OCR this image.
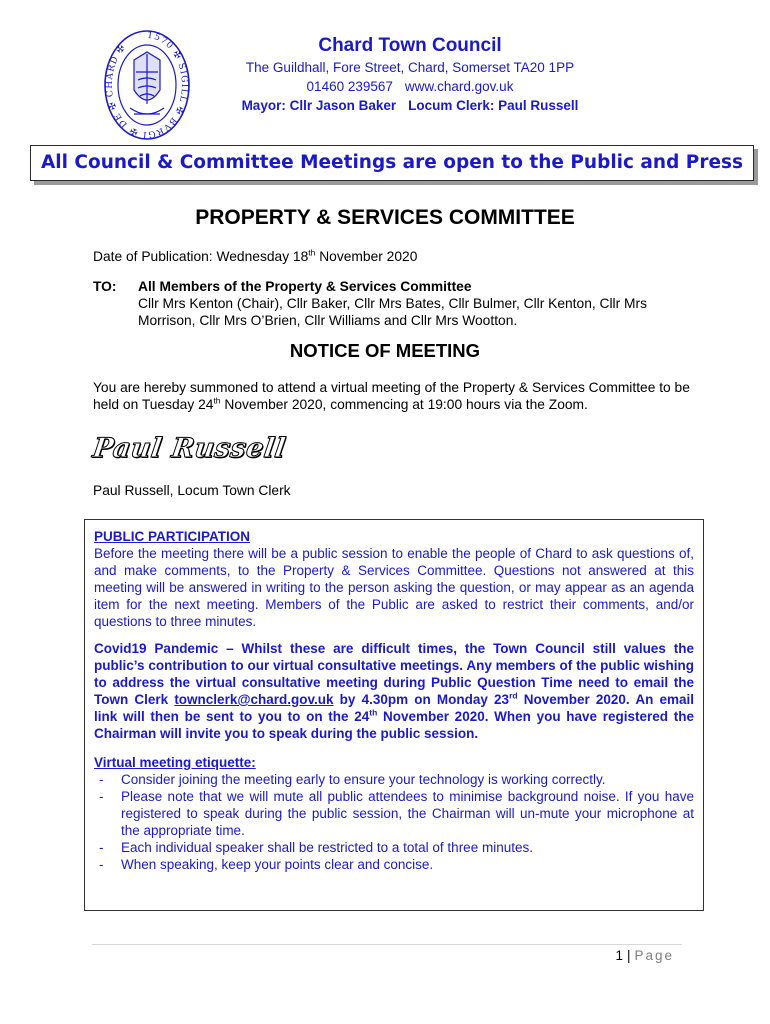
1570 ✠ SIGILL ✠ BVRGI ✠ DE ✠ CHARD ✠	Chard Town Council
The Guildhall, Fore Street, Chard, Somerset TA20 1PP
01460 239567 www.chard.gov.uk
Mayor: Cllr Jason Baker Locum Clerk: Paul Russell
All Council & Committee Meetings are open to the Public and Press
PROPERTY & SERVICES COMMITTEE
Date of Publication: Wednesday 18th November 2020
TO: All Members of the Property & Services Committee
Cllr Mrs Kenton (Chair), Cllr Baker, Cllr Mrs Bates, Cllr Bulmer, Cllr Kenton, Cllr Mrs Morrison, Cllr Mrs O’Brien, Cllr Williams and Cllr Mrs Wootton.
NOTICE OF MEETING
You are hereby summoned to attend a virtual meeting of the Property & Services Committee to be held on Tuesday 24th November 2020, commencing at 19:00 hours via the Zoom.
Paul Russell
Paul Russell, Locum Town Clerk
PUBLIC PARTICIPATION
Before the meeting there will be a public session to enable the people of Chard to ask questions of, and make comments, to the Property & Services Committee. Questions not answered at this meeting will be answered in writing to the person asking the question, or may appear as an agenda item for the next meeting. Members of the Public are asked to restrict their comments, and/or questions to three minutes.
Covid19 Pandemic – Whilst these are difficult times, the Town Council still values the public’s contribution to our virtual consultative meetings. Any members of the public wishing to address the virtual consultative meeting during Public Question Time need to email the Town Clerk townclerk@chard.gov.uk by 4.30pm on Monday 23rd November 2020. An email link will then be sent to you to on the 24th November 2020. When you have registered the Chairman will invite you to speak during the public session.
Virtual meeting etiquette:
- Consider joining the meeting early to ensure your technology is working correctly.
- Please note that we will mute all public attendees to minimise background noise. If you have registered to speak during the public session, the Chairman will un-mute your microphone at the appropriate time.
- Each individual speaker shall be restricted to a total of three minutes.
- When speaking, keep your points clear and concise.
1 | Page
